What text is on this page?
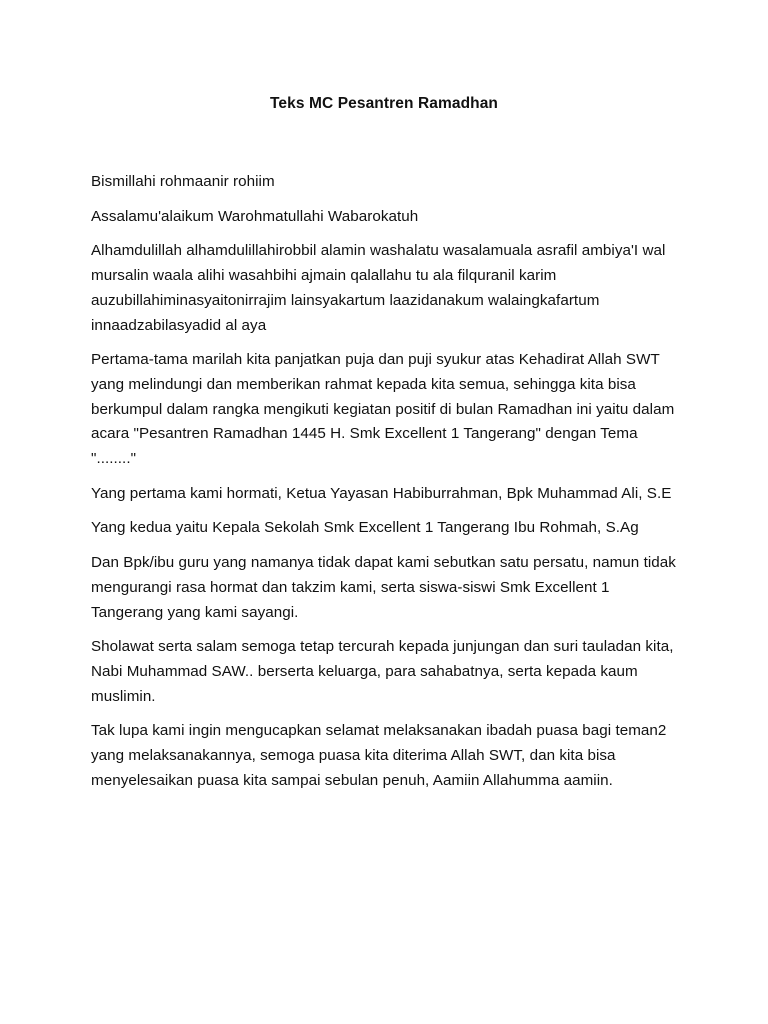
Teks MC Pesantren Ramadhan

Bismillahi rohmaanir rohiim

Assalamu'alaikum Warohmatullahi Wabarokatuh

Alhamdulillah alhamdulillahirobbil alamin washalatu wasalamuala asrafil ambiya'I wal mursalin waala alihi wasahbihi ajmain qalallahu tu ala filquranil karim auzubillahiminasyaitonirrajim lainsyakartum laazidanakum walaingkafartum innaadzabilasyadid al aya

Pertama-tama marilah kita panjatkan puja dan puji syukur atas Kehadirat Allah SWT yang melindungi dan memberikan rahmat kepada kita semua, sehingga kita bisa berkumpul dalam rangka mengikuti kegiatan positif di bulan Ramadhan ini yaitu dalam acara "Pesantren Ramadhan 1445 H. Smk Excellent 1 Tangerang" dengan Tema "........"

Yang pertama kami hormati, Ketua Yayasan Habiburrahman, Bpk Muhammad Ali, S.E

Yang kedua yaitu Kepala Sekolah Smk Excellent 1 Tangerang Ibu Rohmah, S.Ag

Dan Bpk/ibu guru yang namanya tidak dapat kami sebutkan satu persatu, namun tidak mengurangi rasa hormat dan takzim kami, serta siswa-siswi Smk Excellent 1 Tangerang yang kami sayangi.

Sholawat serta salam semoga tetap tercurah kepada junjungan dan suri tauladan kita, Nabi Muhammad SAW.. berserta keluarga, para sahabatnya, serta kepada kaum muslimin.

Tak lupa kami ingin mengucapkan selamat melaksanakan ibadah puasa bagi teman2 yang melaksanakannya, semoga puasa kita diterima Allah SWT, dan kita bisa menyelesaikan puasa kita sampai sebulan penuh, Aamiin Allahumma aamiin.
